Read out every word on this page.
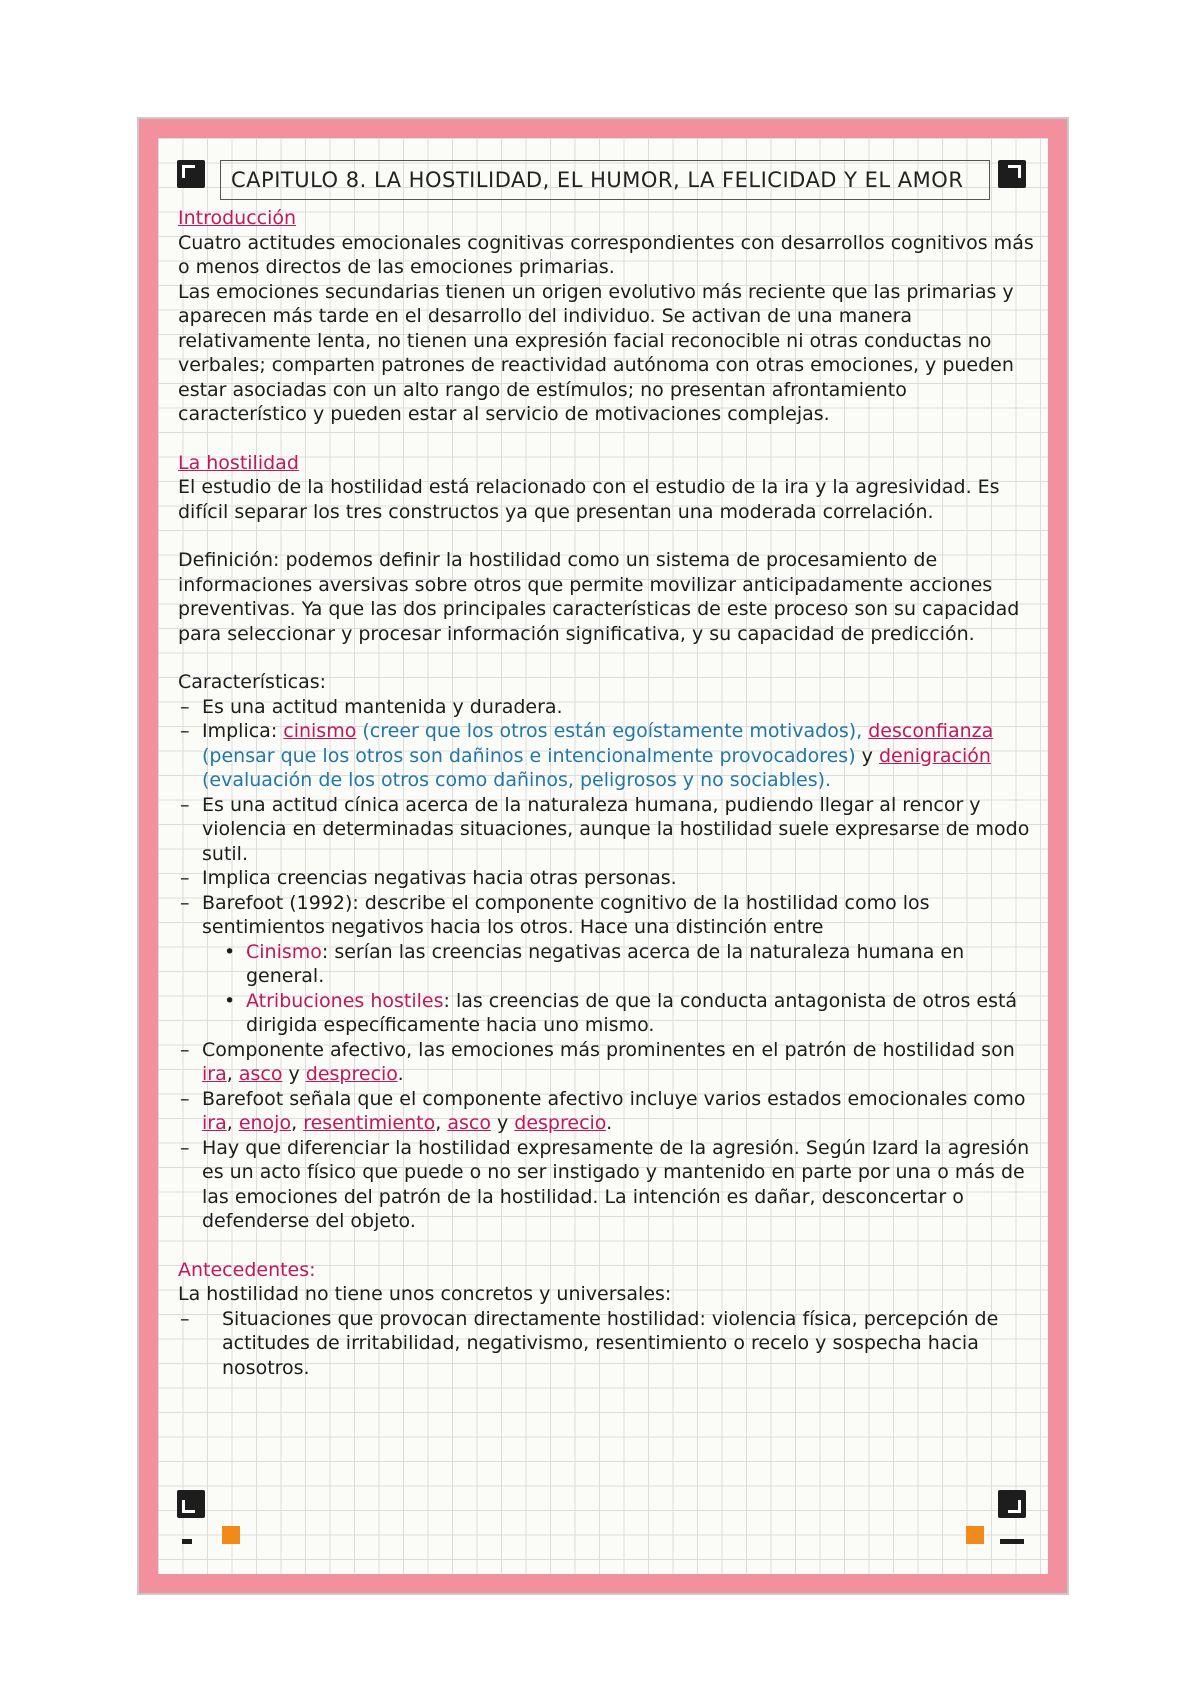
CAPITULO 8. LA HOSTILIDAD, EL HUMOR, LA FELICIDAD Y EL AMOR

Introducción

Cuatro actitudes emocionales cognitivas correspondientes con desarrollos cognitivos más o menos directos de las emociones primarias.

Las emociones secundarias tienen un origen evolutivo más reciente que las primarias y aparecen más tarde en el desarrollo del individuo. Se activan de una manera relativamente lenta, no tienen una expresión facial reconocible ni otras conductas no verbales; comparten patrones de reactividad autónoma con otras emociones, y pueden estar asociadas con un alto rango de estímulos; no presentan afrontamiento característico y pueden estar al servicio de motivaciones complejas.

La hostilidad

El estudio de la hostilidad está relacionado con el estudio de la ira y la agresividad. Es difícil separar los tres constructos ya que presentan una moderada correlación.

Definición: podemos definir la hostilidad como un sistema de procesamiento de informaciones aversivas sobre otros que permite movilizar anticipadamente acciones preventivas. Ya que las dos principales características de este proceso son su capacidad para seleccionar y procesar información significativa, y su capacidad de predicción.

Características:

– Es una actitud mantenida y duradera.
– Implica: cinismo (creer que los otros están egoístamente motivados), desconfianza (pensar que los otros son dañinos e intencionalmente provocadores) y denigración (evaluación de los otros como dañinos, peligrosos y no sociables).
– Es una actitud cínica acerca de la naturaleza humana, pudiendo llegar al rencor y violencia en determinadas situaciones, aunque la hostilidad suele expresarse de modo sutil.
– Implica creencias negativas hacia otras personas.
– Barefoot (1992): describe el componente cognitivo de la hostilidad como los sentimientos negativos hacia los otros. Hace una distinción entre
• Cinismo: serían las creencias negativas acerca de la naturaleza humana en general.
• Atribuciones hostiles: las creencias de que la conducta antagonista de otros está dirigida específicamente hacia uno mismo.
– Componente afectivo, las emociones más prominentes en el patrón de hostilidad son ira, asco y desprecio.
– Barefoot señala que el componente afectivo incluye varios estados emocionales como ira, enojo, resentimiento, asco y desprecio.
– Hay que diferenciar la hostilidad expresamente de la agresión. Según Izard la agresión es un acto físico que puede o no ser instigado y mantenido en parte por una o más de las emociones del patrón de la hostilidad. La intención es dañar, desconcertar o defenderse del objeto.

Antecedentes:

La hostilidad no tiene unos concretos y universales:

– Situaciones que provocan directamente hostilidad: violencia física, percepción de actitudes de irritabilidad, negativismo, resentimiento o recelo y sospecha hacia nosotros.
